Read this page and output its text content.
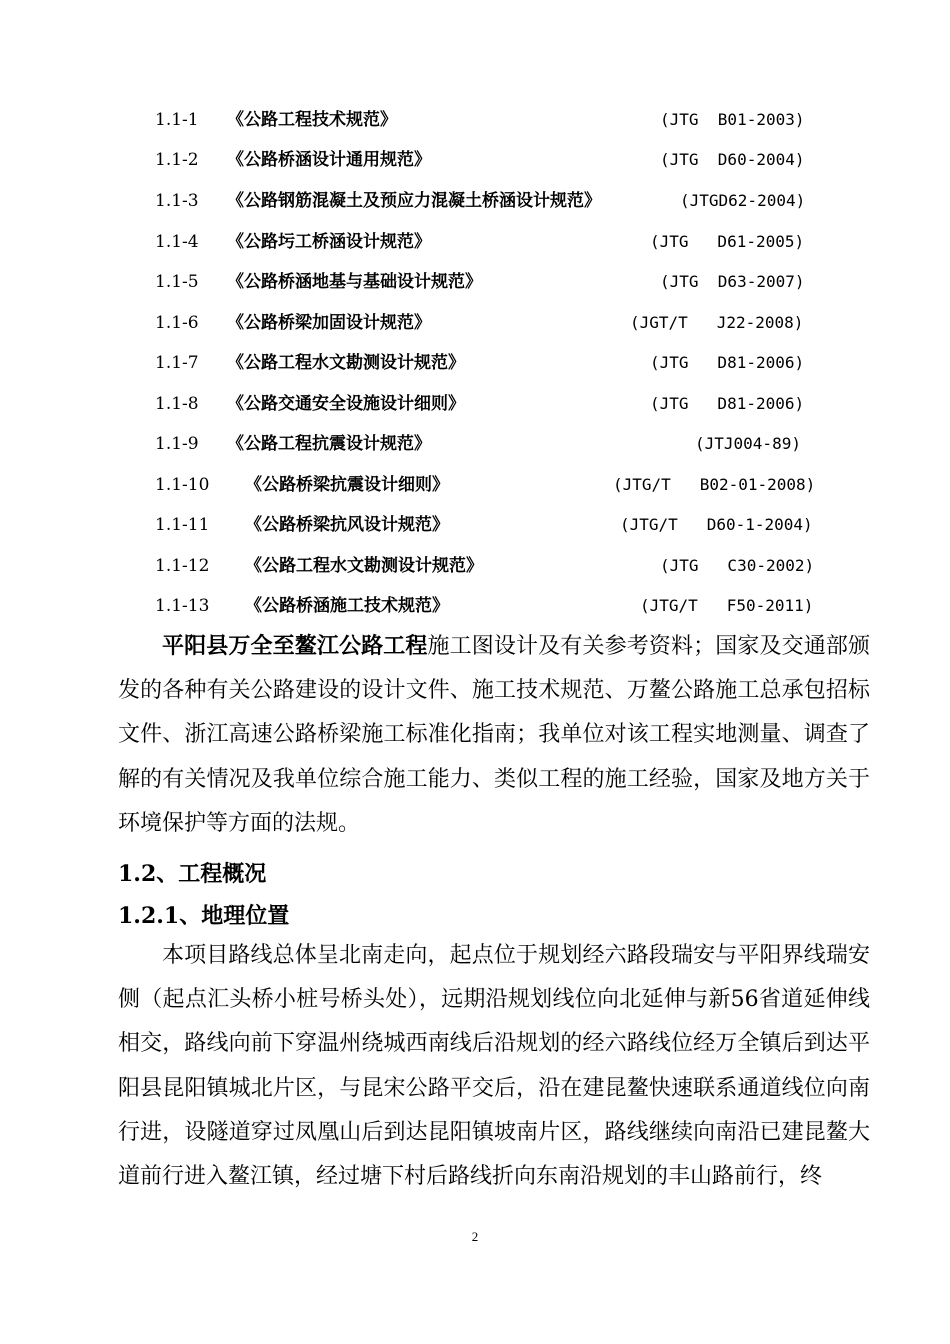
1.1-1 《公路工程技术规范》	(JTG  B01-2003)
1.1-2 《公路桥涵设计通用规范》	(JTG  D60-2004)
1.1-3 《公路钢筋混凝土及预应力混凝土桥涵设计规范》	(JTGD62-2004)
1.1-4 《公路圬工桥涵设计规范》	(JTG   D61-2005)
1.1-5 《公路桥涵地基与基础设计规范》	(JTG  D63-2007)
1.1-6 《公路桥梁加固设计规范》	(JGT/T   J22-2008)
1.1-7 《公路工程水文勘测设计规范》	(JTG   D81-2006)
1.1-8 《公路交通安全设施设计细则》	(JTG   D81-2006)
1.1-9 《公路工程抗震设计规范》	(JTJ004-89)
1.1-10 《公路桥梁抗震设计细则》	(JTG/T   B02-01-2008)
1.1-11 《公路桥梁抗风设计规范》	(JTG/T   D60-1-2004)
1.1-12 《公路工程水文勘测设计规范》	(JTG   C30-2002)
1.1-13 《公路桥涵施工技术规范》	(JTG/T   F50-2011)
平阳县万全至鳌江公路工程施工图设计及有关参考资料；国家及交通部颁发的各种有关公路建设的设计文件、施工技术规范、万鳌公路施工总承包招标文件、浙江高速公路桥梁施工标准化指南；我单位对该工程实地测量、调查了解的有关情况及我单位综合施工能力、类似工程的施工经验，国家及地方关于环境保护等方面的法规。
1.2、工程概况
1.2.1、地理位置
本项目路线总体呈北南走向，起点位于规划经六路段瑞安与平阳界线瑞安侧（起点汇头桥小桩号桥头处），远期沿规划线位向北延伸与新56省道延伸线相交，路线向前下穿温州绕城西南线后沿规划的经六路线位经万全镇后到达平阳县昆阳镇城北片区，与昆宋公路平交后，沿在建昆鳌快速联系通道线位向南行进，设隧道穿过凤凰山后到达昆阳镇坡南片区，路线继续向南沿已建昆鳌大道前行进入鳌江镇，经过塘下村后路线折向东南沿规划的丰山路前行，终
2
